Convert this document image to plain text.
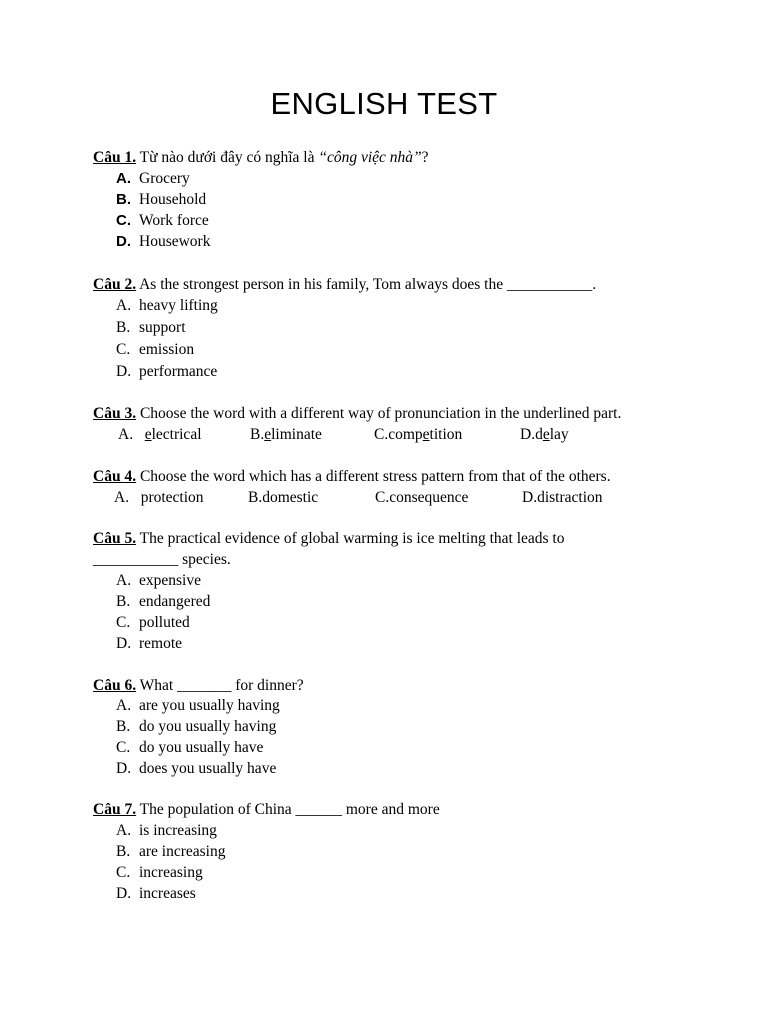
ENGLISH TEST
Câu 1. Từ nào dưới đây có nghĩa là “công việc nhà”?
A. Grocery
B. Household
C. Work force
D. Housework
Câu 2. As the strongest person in his family, Tom always does the ___________.
A. heavy lifting
B. support
C. emission
D. performance
Câu 3. Choose the word with a different way of pronunciation in the underlined part.
A. electrical	B.eliminate	C.competition	D.delay
Câu 4. Choose the word which has a different stress pattern from that of the others.
A. protection	B.domestic	C.consequence	D.distraction
Câu 5. The practical evidence of global warming is ice melting that leads to
___________ species.
A. expensive
B. endangered
C. polluted
D. remote
Câu 6. What _______ for dinner?
A. are you usually having
B. do you usually having
C. do you usually have
D. does you usually have
Câu 7. The population of China ______ more and more
A. is increasing
B. are increasing
C. increasing
D. increases
